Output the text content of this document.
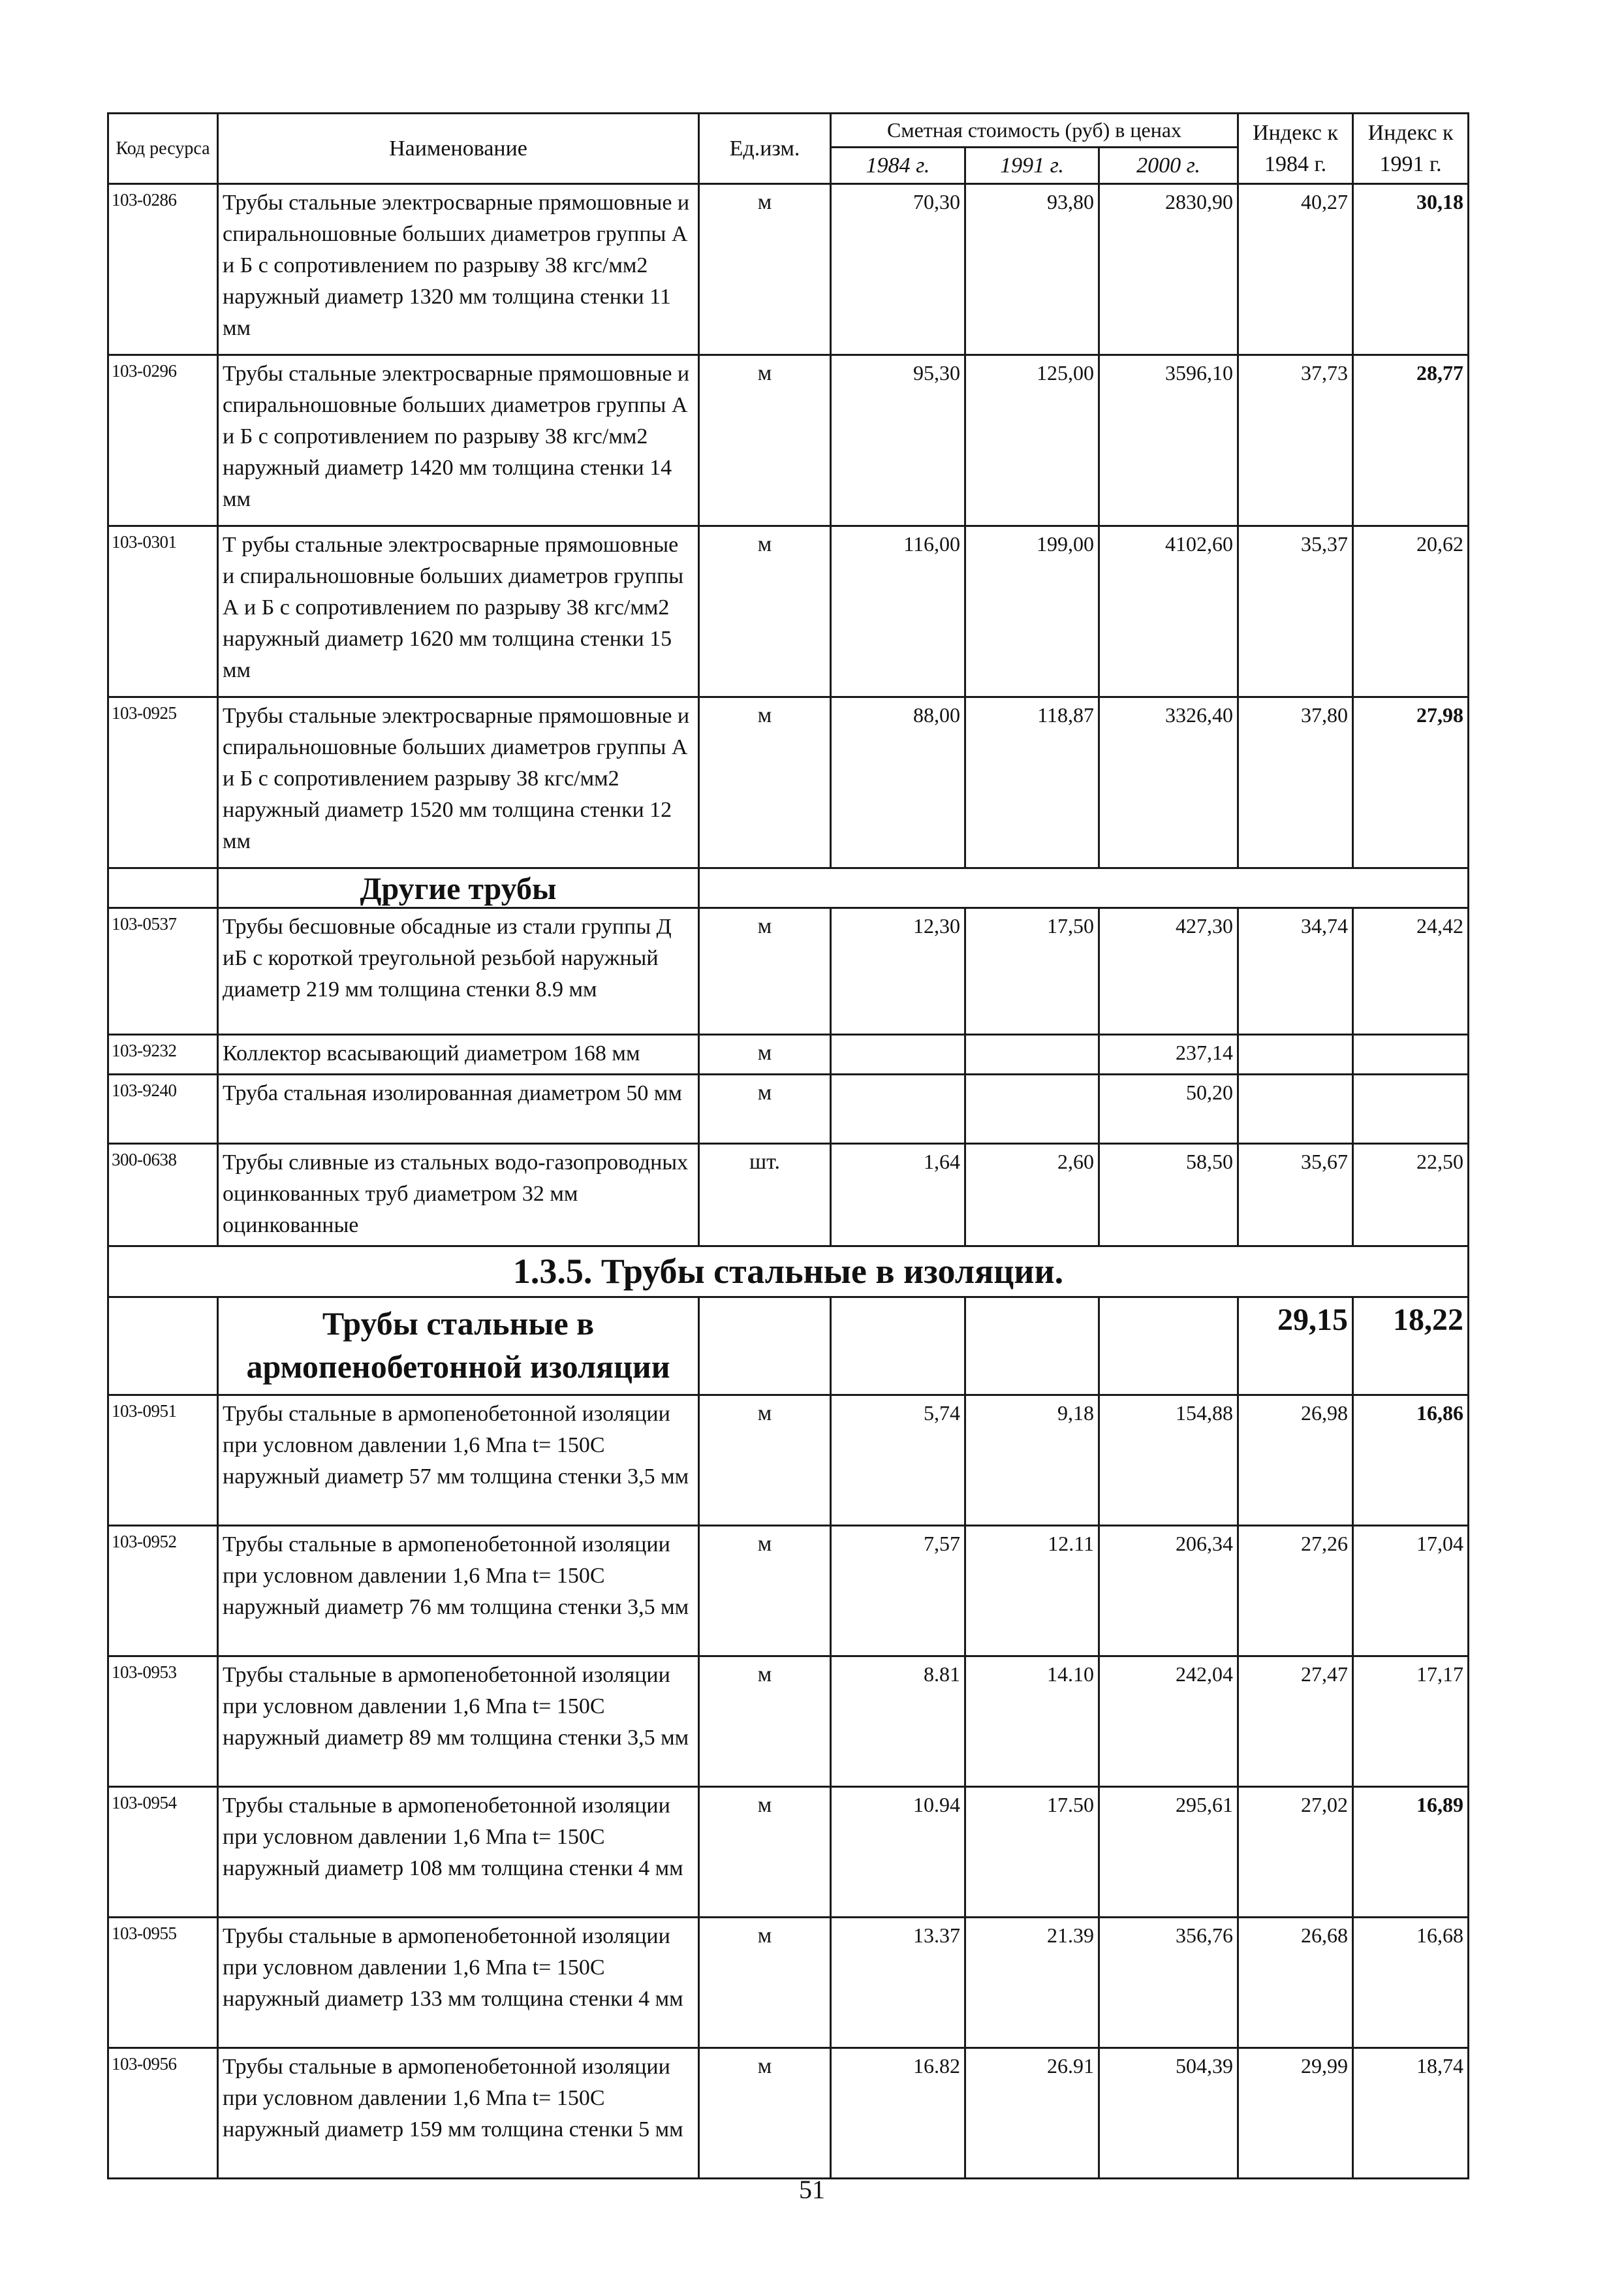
Код ресурса	Наименование	Ед.изм.	Сметная стоимость (руб) в ценах			Индекс к 1984 г.	Индекс к 1991 г.
			1984 г.	1991 г.	2000 г.		
103-0286	Трубы стальные электросварные прямошовные и спиральношовные больших диаметров группы А и Б с сопротивлением по разрыву 38 кгс/мм2 наружный диаметр 1320 мм толщина стенки 11 мм	м	70,30	93,80	2830,90	40,27	30,18
103-0296	Трубы стальные электросварные прямошовные и спиральношовные больших диаметров группы А и Б с сопротивлением по разрыву 38 кгс/мм2 наружный диаметр 1420 мм толщина стенки 14 мм	м	95,30	125,00	3596,10	37,73	28,77
103-0301	Т рубы стальные электросварные прямошовные и спиральношовные больших диаметров группы А и Б с сопротивлением по разрыву 38 кгс/мм2 наружный диаметр 1620 мм толщина стенки 15 мм	м	116,00	199,00	4102,60	35,37	20,62
103-0925	Трубы стальные электросварные прямошовные и спиральношовные больших диаметров группы А и Б с сопротивлением разрыву 38 кгс/мм2 наружный диаметр 1520 мм толщина стенки 12 мм	м	88,00	118,87	3326,40	37,80	27,98
	Другие трубы						
103-0537	Трубы бесшовные обсадные из стали группы Д иБ с короткой треугольной резьбой наружный диаметр 219 мм толщина стенки 8.9 мм	м	12,30	17,50	427,30	34,74	24,42
103-9232	Коллектор всасывающий диаметром 168 мм	м			237,14		
103-9240	Труба стальная изолированная диаметром 50 мм	м			50,20		
300-0638	Трубы сливные из стальных водо-газопроводных оцинкованных труб диаметром 32 мм оцинкованные	шт.	1,64	2,60	58,50	35,67	22,50
1.3.5. Трубы стальные в изоляции.							
	Трубы стальные в армопенобетонной изоляции					29,15	18,22
103-0951	Трубы стальные в армопенобетонной изоляции при условном давлении 1,6 Мпа t= 150С наружный диаметр 57 мм толщина стенки 3,5 мм	м	5,74	9,18	154,88	26,98	16,86
103-0952	Трубы стальные в армопенобетонной изоляции при условном давлении 1,6 Мпа t= 150С наружный диаметр 76 мм толщина стенки 3,5 мм	м	7,57	12.11	206,34	27,26	17,04
103-0953	Трубы стальные в армопенобетонной изоляции при условном давлении 1,6 Мпа t= 150С наружный диаметр 89 мм толщина стенки 3,5 мм	м	8.81	14.10	242,04	27,47	17,17
103-0954	Трубы стальные в армопенобетонной изоляции при условном давлении 1,6 Мпа t= 150С наружный диаметр 108 мм толщина стенки 4 мм	м	10.94	17.50	295,61	27,02	16,89
103-0955	Трубы стальные в армопенобетонной изоляции при условном давлении 1,6 Мпа t= 150С наружный диаметр 133 мм толщина стенки 4 мм	м	13.37	21.39	356,76	26,68	16,68
103-0956	Трубы стальные в армопенобетонной изоляции при условном давлении 1,6 Мпа t= 150С наружный диаметр 159 мм толщина стенки 5 мм	м	16.82	26.91	504,39	29,99	18,74
51
